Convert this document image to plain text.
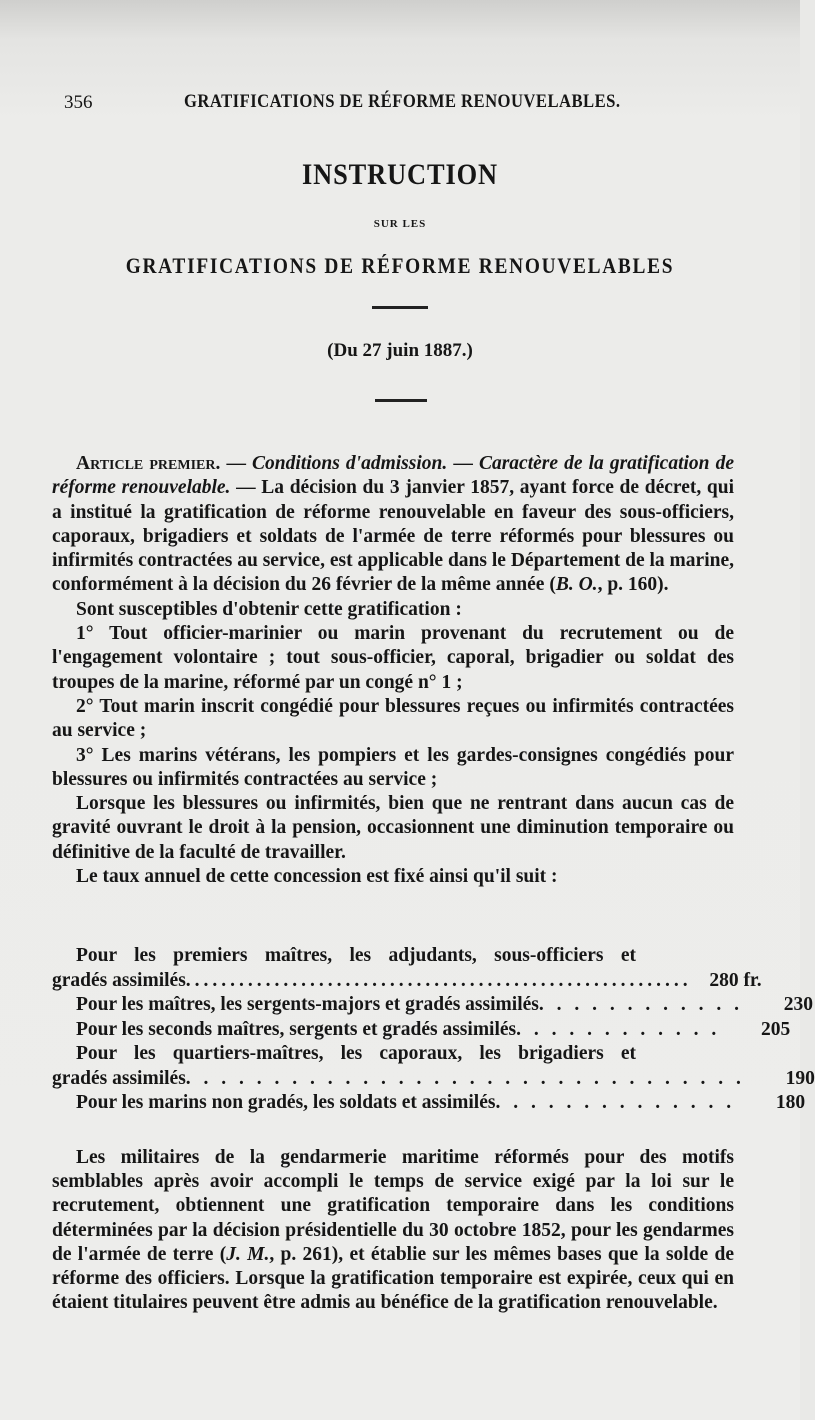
356	GRATIFICATIONS DE RÉFORME RENOUVELABLES.
INSTRUCTION
SUR LES
GRATIFICATIONS DE RÉFORME RENOUVELABLES
(Du 27 juin 1887.)

Article premier. — Conditions d'admission. — Caractère de la gratification de réforme renouvelable. — La décision du 3 janvier 1857, ayant force de décret, qui a institué la gratification de réforme renouvelable en faveur des sous-officiers, caporaux, brigadiers et soldats de l'armée de terre réformés pour blessures ou infirmités contractées au service, est applicable dans le Département de la marine, conformément à la décision du 26 février de la même année (B. O., p. 160).

Sont susceptibles d'obtenir cette gratification :

1° Tout officier-marinier ou marin provenant du recrutement ou de l'engagement volontaire ; tout sous-officier, caporal, brigadier ou soldat des troupes de la marine, réformé par un congé n° 1 ;

2° Tout marin inscrit congédié pour blessures reçues ou infirmités contractées au service ;

3° Les marins vétérans, les pompiers et les gardes-consignes congédiés pour blessures ou infirmités contractées au service ;

Lorsque les blessures ou infirmités, bien que ne rentrant dans aucun cas de gravité ouvrant le droit à la pension, occasionnent une diminution temporaire ou définitive de la faculté de travailler.

Le taux annuel de cette concession est fixé ainsi qu'il suit :

Pour les premiers maîtres, les adjudants, sous-officiers et
gradés assimilés ......................................................... 280 fr.
Pour les maîtres, les sergents-majors et gradés assimilés . . . . . . . . . . . .	230
Pour les seconds maîtres, sergents et gradés assimilés . . . . . . . . . . . .	205
Pour les quartiers-maîtres, les caporaux, les brigadiers et
gradés assimilés . . . . . . . . . . . . . . . . . . . . . . . . . . . . . . . .	190
Pour les marins non gradés, les soldats et assimilés . . . . . . . . . . . . . .	180

Les militaires de la gendarmerie maritime réformés pour des motifs semblables après avoir accompli le temps de service exigé par la loi sur le recrutement, obtiennent une gratification temporaire dans les conditions déterminées par la décision présidentielle du 30 octobre 1852, pour les gendarmes de l'armée de terre (J. M., p. 261), et établie sur les mêmes bases que la solde de réforme des officiers. Lorsque la gratification temporaire est expirée, ceux qui en étaient titulaires peuvent être admis au bénéfice de la gratification renouvelable.
